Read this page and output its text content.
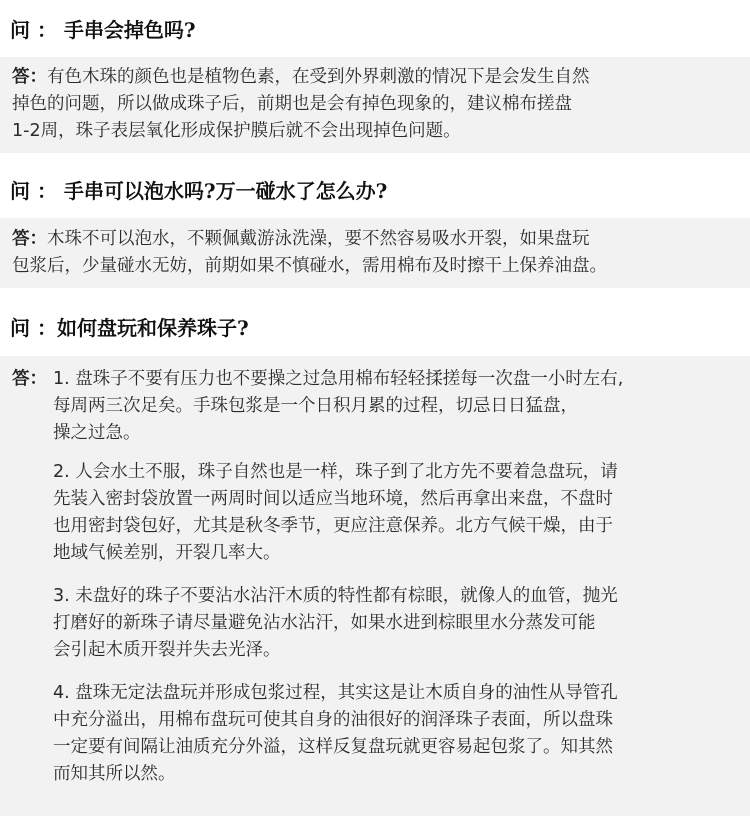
问 ： 手串会掉色吗?
答：有色木珠的颜色也是植物色素，在受到外界刺激的情况下是会发生自然
掉色的问题，所以做成珠子后，前期也是会有掉色现象的，建议棉布搓盘
1-2周，珠子表层氧化形成保护膜后就不会出现掉色问题。
问 ： 手串可以泡水吗?万一碰水了怎么办?
答：木珠不可以泡水，不颗佩戴游泳洗澡，要不然容易吸水开裂，如果盘玩
包浆后，少量碰水无妨，前期如果不慎碰水，需用棉布及时擦干上保养油盘。
问 ：如何盘玩和保养珠子?
答： 1. 盘珠子不要有压力也不要操之过急用棉布轻轻揉搓每一次盘一小时左右,
每周两三次足矣。手珠包浆是一个日积月累的过程，切忌日日猛盘，
操之过急。
2. 人会水土不服，珠子自然也是一样，珠子到了北方先不要着急盘玩，请
先装入密封袋放置一两周时间以适应当地环境，然后再拿出来盘，不盘时
也用密封袋包好，尤其是秋冬季节，更应注意保养。北方气候干燥，由于
地域气候差别，开裂几率大。
3. 未盘好的珠子不要沾水沾汗木质的特性都有棕眼，就像人的血管，抛光
打磨好的新珠子请尽量避免沾水沾汗，如果水进到棕眼里水分蒸发可能
会引起木质开裂并失去光泽。
4. 盘珠无定法盘玩并形成包浆过程，其实这是让木质自身的油性从导管孔
中充分溢出，用棉布盘玩可使其自身的油很好的润泽珠子表面，所以盘珠
一定要有间隔让油质充分外溢，这样反复盘玩就更容易起包浆了。知其然
而知其所以然。
